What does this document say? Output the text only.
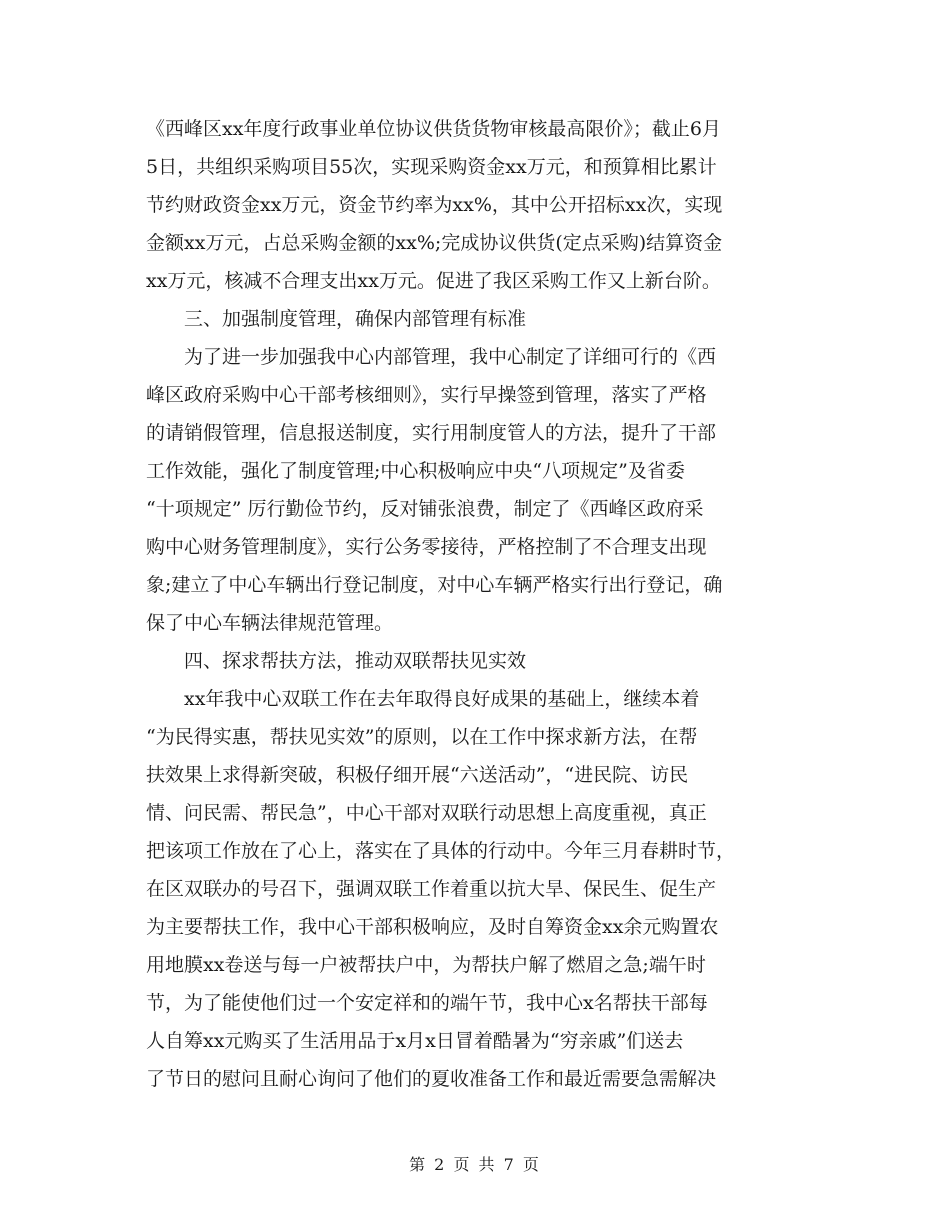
《西峰区xx年度行政事业单位协议供货货物审核最高限价》；截止6月
5日，共组织采购项目55次，实现采购资金xx万元，和预算相比累计
节约财政资金xx万元，资金节约率为xx%，其中公开招标xx次，实现
金额xx万元，占总采购金额的xx%;完成协议供货(定点采购)结算资金
xx万元，核减不合理支出xx万元。促进了我区采购工作又上新台阶。
三、加强制度管理，确保内部管理有标准
为了进一步加强我中心内部管理，我中心制定了详细可行的《西
峰区政府采购中心干部考核细则》，实行早操签到管理，落实了严格
的请销假管理，信息报送制度，实行用制度管人的方法，提升了干部
工作效能，强化了制度管理;中心积极响应中央“八项规定”及省委
“十项规定” 厉行勤俭节约，反对铺张浪费，制定了《西峰区政府采
购中心财务管理制度》，实行公务零接待，严格控制了不合理支出现
象;建立了中心车辆出行登记制度，对中心车辆严格实行出行登记，确
保了中心车辆法律规范管理。
四、探求帮扶方法，推动双联帮扶见实效
xx年我中心双联工作在去年取得良好成果的基础上，继续本着
“为民得实惠，帮扶见实效”的原则，以在工作中探求新方法，在帮
扶效果上求得新突破，积极仔细开展“六送活动”，“进民院、访民
情、问民需、帮民急”，中心干部对双联行动思想上高度重视，真正
把该项工作放在了心上，落实在了具体的行动中。今年三月春耕时节，
在区双联办的号召下，强调双联工作着重以抗大旱、保民生、促生产
为主要帮扶工作，我中心干部积极响应，及时自筹资金xx余元购置农
用地膜xx卷送与每一户被帮扶户中，为帮扶户解了燃眉之急;端午时
节，为了能使他们过一个安定祥和的端午节，我中心x名帮扶干部每
人自筹xx元购买了生活用品于x月x日冒着酷暑为“穷亲戚”们送去
了节日的慰问且耐心询问了他们的夏收准备工作和最近需要急需解决
第 2 页 共 7 页
